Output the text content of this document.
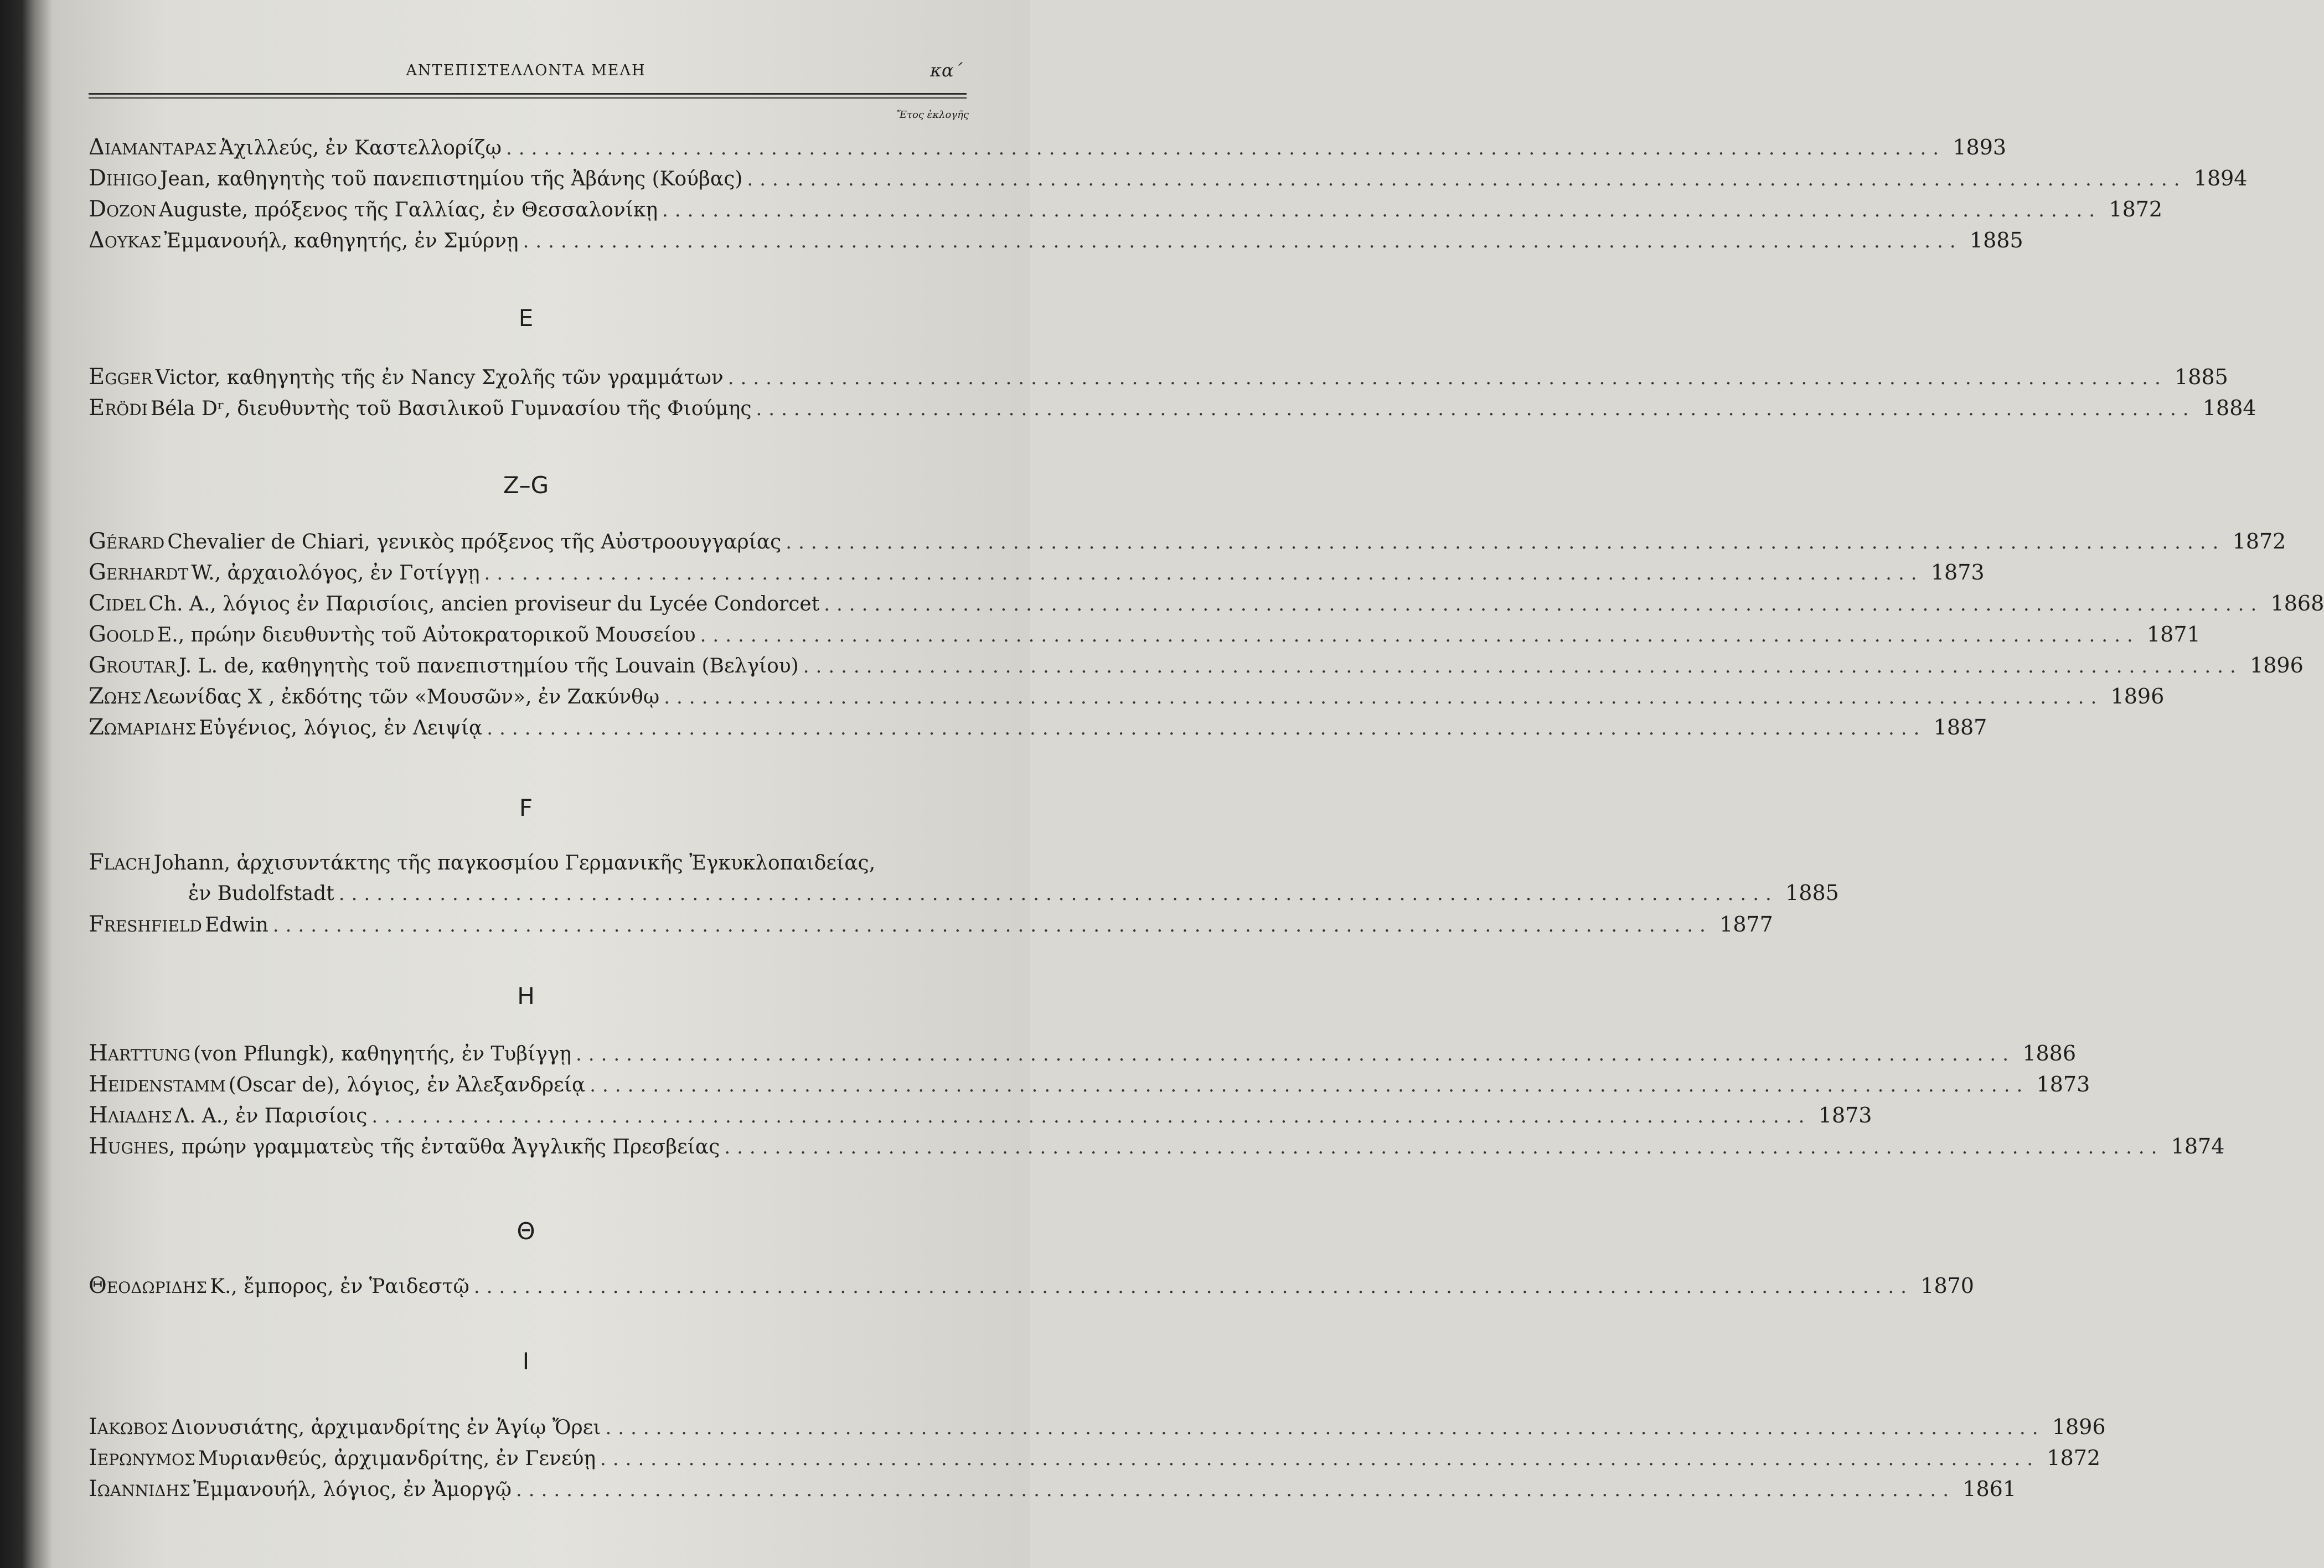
ΑΝΤΕΠΙΣΤΕΛΛΟΝΤΑ ΜΕΛΗ	κα΄
Ἔτος ἐκλογῆς
Διαμανταρας Ἀχιλλεύς, ἐν Καστελλορίζῳ .................................................................................................................. 1893
Dihigo Jean, καθηγητὴς τοῦ πανεπιστημίου τῆς Ἀβάνης (Κούβας) .................................................................................................................. 1894
Dozon Auguste, πρόξενος τῆς Γαλλίας, ἐν Θεσσαλονίκῃ .................................................................................................................. 1872
Δουκας Ἐμμανουήλ, καθηγητής, ἐν Σμύρνῃ .................................................................................................................. 1885
E
Egger Victor, καθηγητὴς τῆς ἐν Nancy Σχολῆς τῶν γραμμάτων .................................................................................................................. 1885
Erödi Béla Dʳ, διευθυντὴς τοῦ Βασιλικοῦ Γυμνασίου τῆς Φιούμης .................................................................................................................. 1884
Z–G
Gérard Chevalier de Chiari, γενικὸς πρόξενος τῆς Αὐστροουγγαρίας .................................................................................................................. 1872
Gerhardt W., ἀρχαιολόγος, ἐν Γοτίγγῃ .................................................................................................................. 1873
Cidel Ch. A., λόγιος ἐν Παρισίοις, ancien proviseur du Lycée Condorcet .................................................................................................................. 1868
Goold E., πρώην διευθυντὴς τοῦ Αὐτοκρατορικοῦ Μουσείου .................................................................................................................. 1871
Groutar J. L. de, καθηγητὴς τοῦ πανεπιστημίου τῆς Louvain (Βελγίου) .................................................................................................................. 1896
Ζωης Λεωνίδας Χ , ἐκδότης τῶν «Μουσῶν», ἐν Ζακύνθῳ .................................................................................................................. 1896
Ζωμαριδης Εὐγένιος, λόγιος, ἐν Λειψίᾳ .................................................................................................................. 1887
F
Flach Johann, ἀρχισυντάκτης τῆς παγκοσμίου Γερμανικῆς Ἐγκυκλοπαιδείας,
ἐν Budolfstadt .................................................................................................................. 1885
Freshfield Edwin .................................................................................................................. 1877
H
Harttung (von Pflungk), καθηγητής, ἐν Τυβίγγῃ .................................................................................................................. 1886
Heidenstamm (Oscar de), λόγιος, ἐν Ἀλεξανδρείᾳ .................................................................................................................. 1873
Ηλιαδης Λ. Α., ἐν Παρισίοις .................................................................................................................. 1873
Hughes, πρώην γραμματεὺς τῆς ἐνταῦθα Ἀγγλικῆς Πρεσβείας .................................................................................................................. 1874
Θ
Θεοδωριδης Κ., ἔμπορος, ἐν Ῥαιδεστῷ .................................................................................................................. 1870
I
Ιακωβος Διονυσιάτης, ἀρχιμανδρίτης ἐν Ἁγίῳ Ὄρει .................................................................................................................. 1896
Ιερωνυμος Μυριανθεύς, ἀρχιμανδρίτης, ἐν Γενεύῃ .................................................................................................................. 1872
Ιωαννιδης Ἐμμανουήλ, λόγιος, ἐν Ἀμοργῷ .................................................................................................................. 1861
